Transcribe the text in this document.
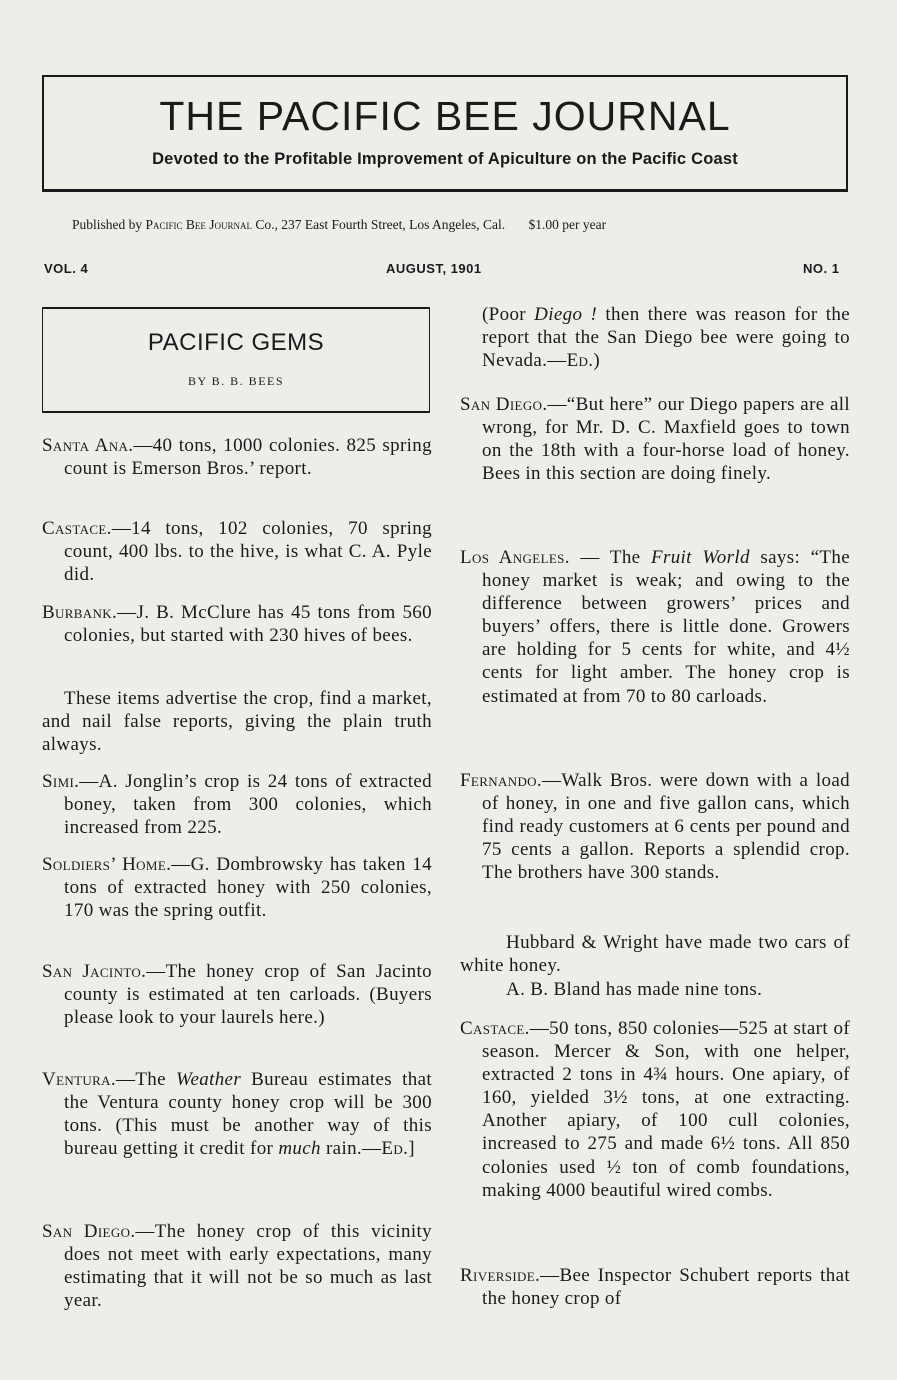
THE PACIFIC BEE JOURNAL
Devoted to the Profitable Improvement of Apiculture on the Pacific Coast
Published by Pacific Bee Journal Co., 237 East Fourth Street, Los Angeles, Cal. $1.00 per year
VOL. 4	AUGUST, 1901	NO. 1
PACIFIC GEMS
BY B. B. BEES

Santa Ana.—40 tons, 1000 colonies. 825 spring count is Emerson Bros.’ report.

Castace.—14 tons, 102 colonies, 70 spring count, 400 lbs. to the hive, is what C. A. Pyle did.

Burbank.—J. B. McClure has 45 tons from 560 colonies, but started with 230 hives of bees.

These items advertise the crop, find a market, and nail false reports, giving the plain truth always.

Simi.—A. Jonglin’s crop is 24 tons of extracted boney, taken from 300 colonies, which increased from 225.

Soldiers’ Home.—G. Dombrowsky has taken 14 tons of extracted honey with 250 colonies, 170 was the spring outfit.

San Jacinto.—The honey crop of San Jacinto county is estimated at ten carloads. (Buyers please look to your laurels here.)

Ventura.—The Weather Bureau estimates that the Ventura county honey crop will be 300 tons. (This must be another way of this bureau getting it credit for much rain.—Ed.]

San Diego.—The honey crop of this vicinity does not meet with early expectations, many estimating that it will not be so much as last year.

(Poor Diego ! then there was reason for the report that the San Diego bee were going to Nevada.—Ed.)

San Diego.—“But here” our Diego papers are all wrong, for Mr. D. C. Maxfield goes to town on the 18th with a four-horse load of honey. Bees in this section are doing finely.

Los Angeles. — The Fruit World says: “The honey market is weak; and owing to the difference between growers’ prices and buyers’ offers, there is little done. Growers are holding for 5 cents for white, and 4½ cents for light amber. The honey crop is estimated at from 70 to 80 carloads.

Fernando.—Walk Bros. were down with a load of honey, in one and five gallon cans, which find ready customers at 6 cents per pound and 75 cents a gallon. Reports a splendid crop. The brothers have 300 stands.

Hubbard & Wright have made two cars of white honey.

A. B. Bland has made nine tons.

Castace.—50 tons, 850 colonies—525 at start of season. Mercer & Son, with one helper, extracted 2 tons in 4¾ hours. One apiary, of 160, yielded 3½ tons, at one extracting. Another apiary, of 100 cull colonies, increased to 275 and made 6½ tons. All 850 colonies used ½ ton of comb foundations, making 4000 beautiful wired combs.

Riverside.—Bee Inspector Schubert reports that the honey crop of
